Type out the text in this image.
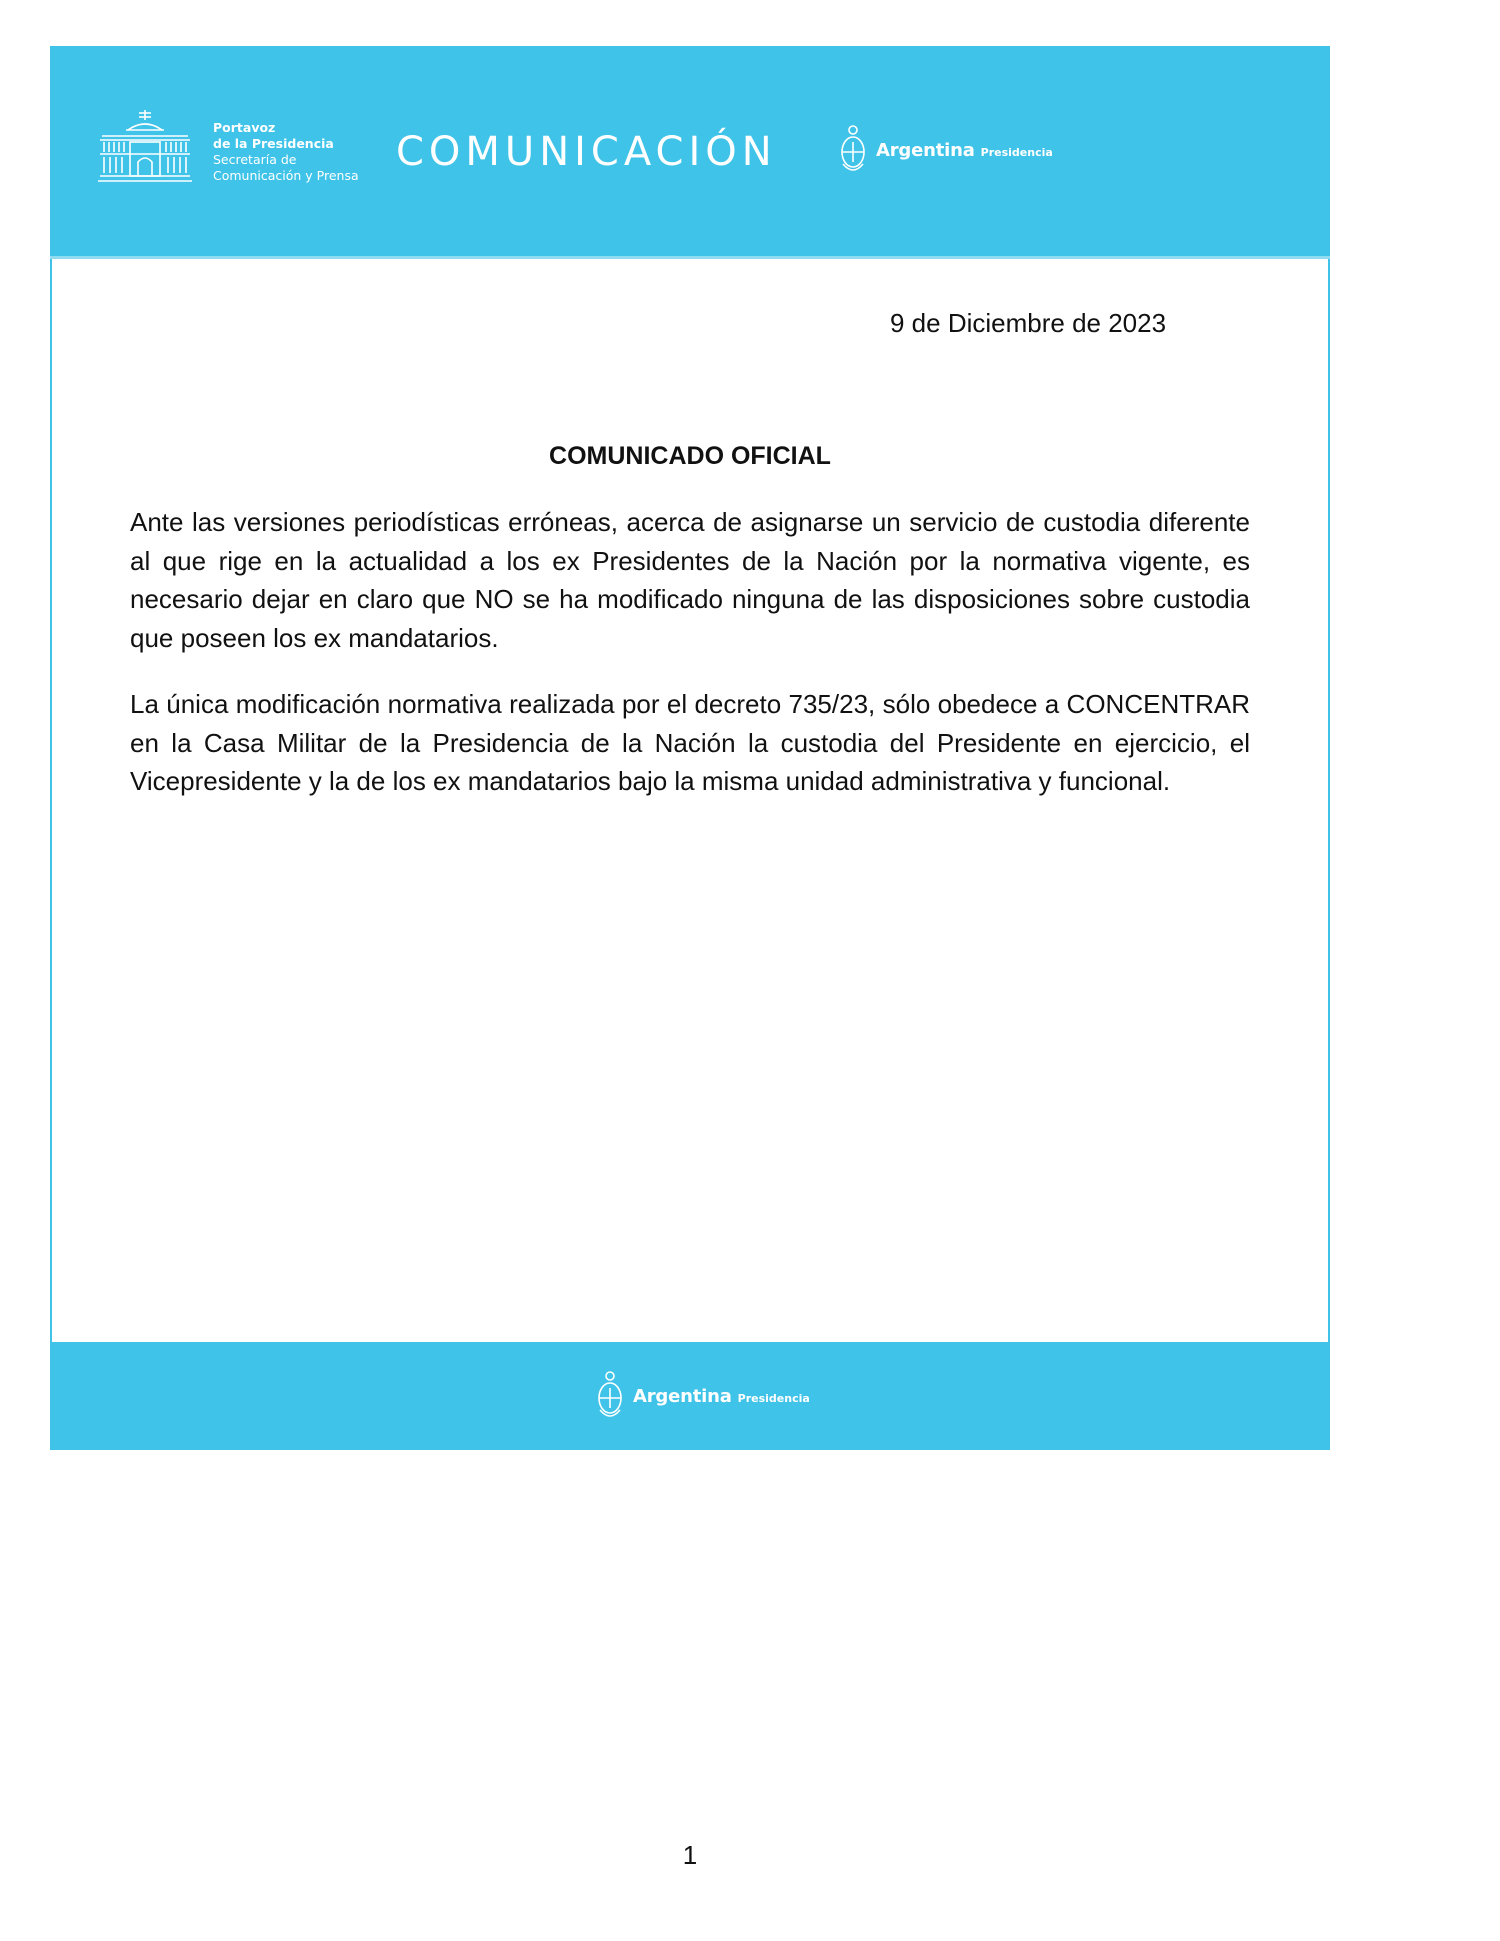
Portavoz
de la Presidencia
Secretaría de
Comunicación y Prensa
COMUNICACIÓN	Argentina Presidencia
9 de Diciembre de 2023
COMUNICADO OFICIAL

Ante las versiones periodísticas erróneas, acerca de asignarse un servicio de custodia diferente al que rige en la actualidad a los ex Presidentes de la Nación por la normativa vigente, es necesario dejar en claro que NO se ha modificado ninguna de las disposiciones sobre custodia que poseen los ex mandatarios.

La única modificación normativa realizada por el decreto 735/23, sólo obedece a CONCENTRAR en la Casa Militar de la Presidencia de la Nación la custodia del Presidente en ejercicio, el Vicepresidente y la de los ex mandatarios bajo la misma unidad administrativa y funcional.

Argentina Presidencia
1
